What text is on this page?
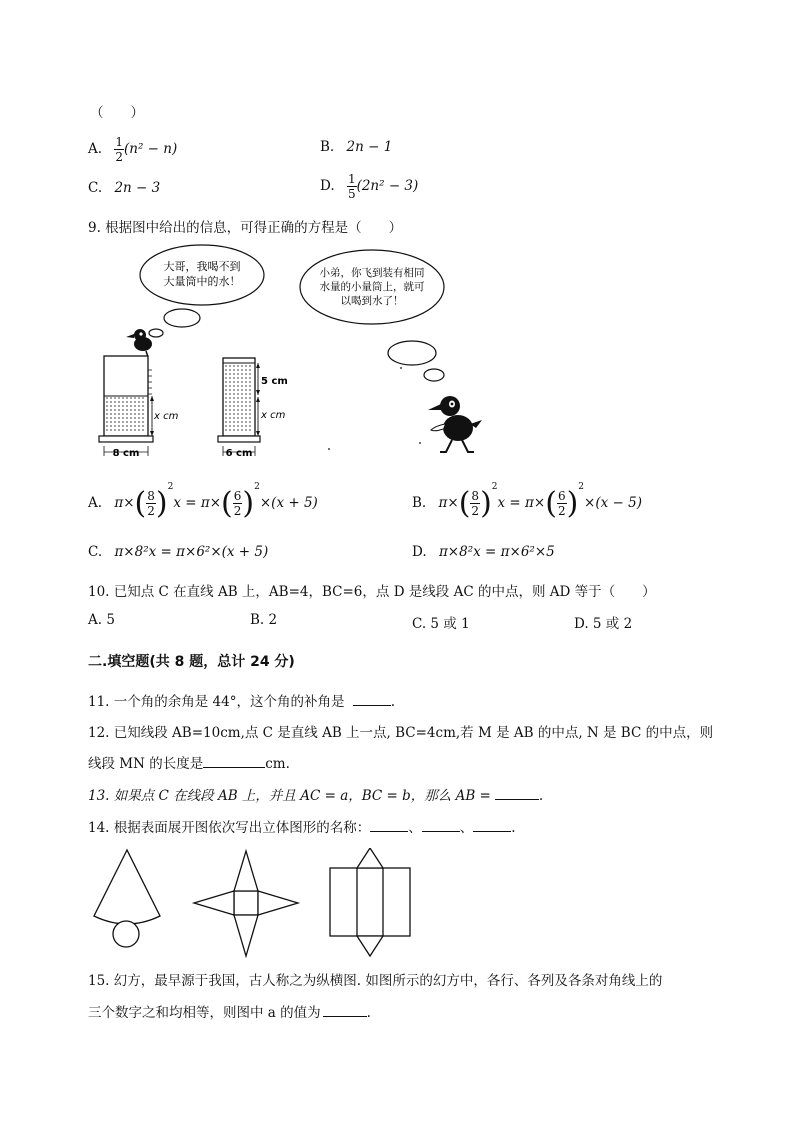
（　　）
A. $\frac{1}{2} (n^2 - n)$	B. 2n − 1
C. 2n − 3	D. $\frac{1}{5} (2n^2 - 3)$
9. 根据图中给出的信息，可得正确的方程是（　　）
大哥，我喝不到
大量筒中的水！
小弟，你飞到装有相同
水量的小量筒上，就可
以喝到水了！
x cm
8 cm
5 cm
x cm
6 cm
A. $\pi\times( \frac{8}{2} )^2x = \pi\times( \frac{6}{2} )^2\times(x + 5)$	B. $\pi\times( \frac{8}{2} )^2x = \pi\times( \frac{6}{2} )^2\times(x - 5)$
C. π×8²x = π×6²×(x + 5)	D. π×8²x = π×6²×5
10. 已知点 C 在直线 AB 上，AB=4，BC=6，点 D 是线段 AC 的中点，则 AD 等于（　　）
A. 5	B. 2	C. 5 或 1	D. 5 或 2
二.填空题(共 8 题，总计 24 分)
11. 一个角的余角是 44°，这个角的补角是	.
12. 已知线段 AB=10cm,点 C 是直线 AB 上一点, BC=4cm,若 M 是 AB 的中点, N 是 BC 的中点，则
线段 MN 的长度是	cm.
13. 如果点 C 在线段 AB 上，并且 AC = a，BC = b，那么 AB =	.
14. 根据表面展开图依次写出立体图形的名称：	、	、	.
15. 幻方，最早源于我国，古人称之为纵横图. 如图所示的幻方中，各行、各列及各条对角线上的
三个数字之和均相等，则图中 a 的值为	.
